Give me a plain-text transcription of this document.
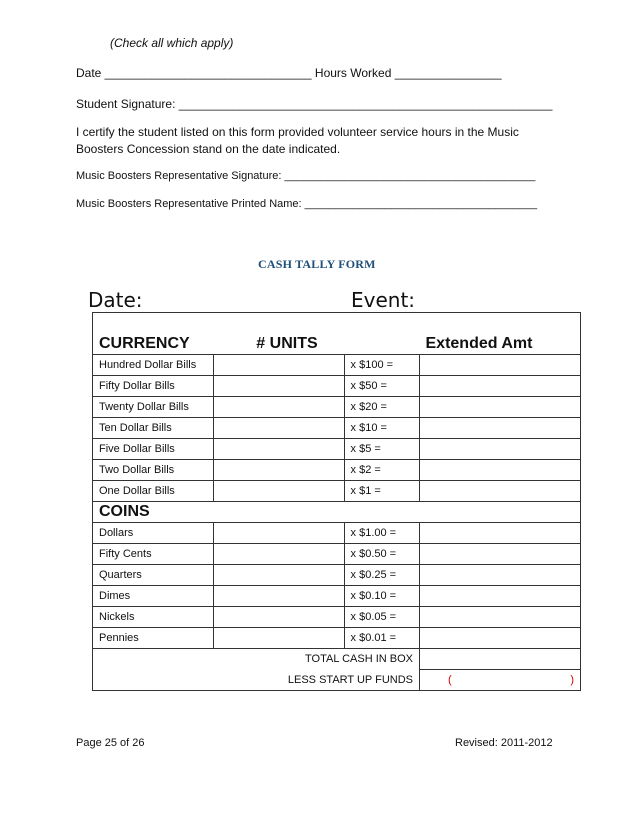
(Check all which apply)
Date _______________________________ Hours Worked ________________
Student Signature: ________________________________________________________
I certify the student listed on this form provided volunteer service hours in the Music
Boosters Concession stand on the date indicated.
Music Boosters Representative Signature: _________________________________________
Music Boosters Representative Printed Name: ______________________________________
CASH TALLY FORM
Date:	Event:
CURRENCY # UNITS			Extended Amt
Hundred Dollar Bills		x $100 =	
Fifty Dollar Bills		x $50 =	
Twenty Dollar Bills		x $20 =	
Ten Dollar Bills		x $10 =	
Five Dollar Bills		x $5 =	
Two Dollar Bills		x $2 =	
One Dollar Bills		x $1 =	
COINS			
Dollars		x $1.00 =	
Fifty Cents		x $0.50 =	
Quarters		x $0.25 =	
Dimes		x $0.10 =	
Nickels		x $0.05 =	
Pennies		x $0.01 =	
TOTAL CASH IN BOX			
LESS START UP FUNDS			( )
Page 25 of 26	Revised: 2011-2012
